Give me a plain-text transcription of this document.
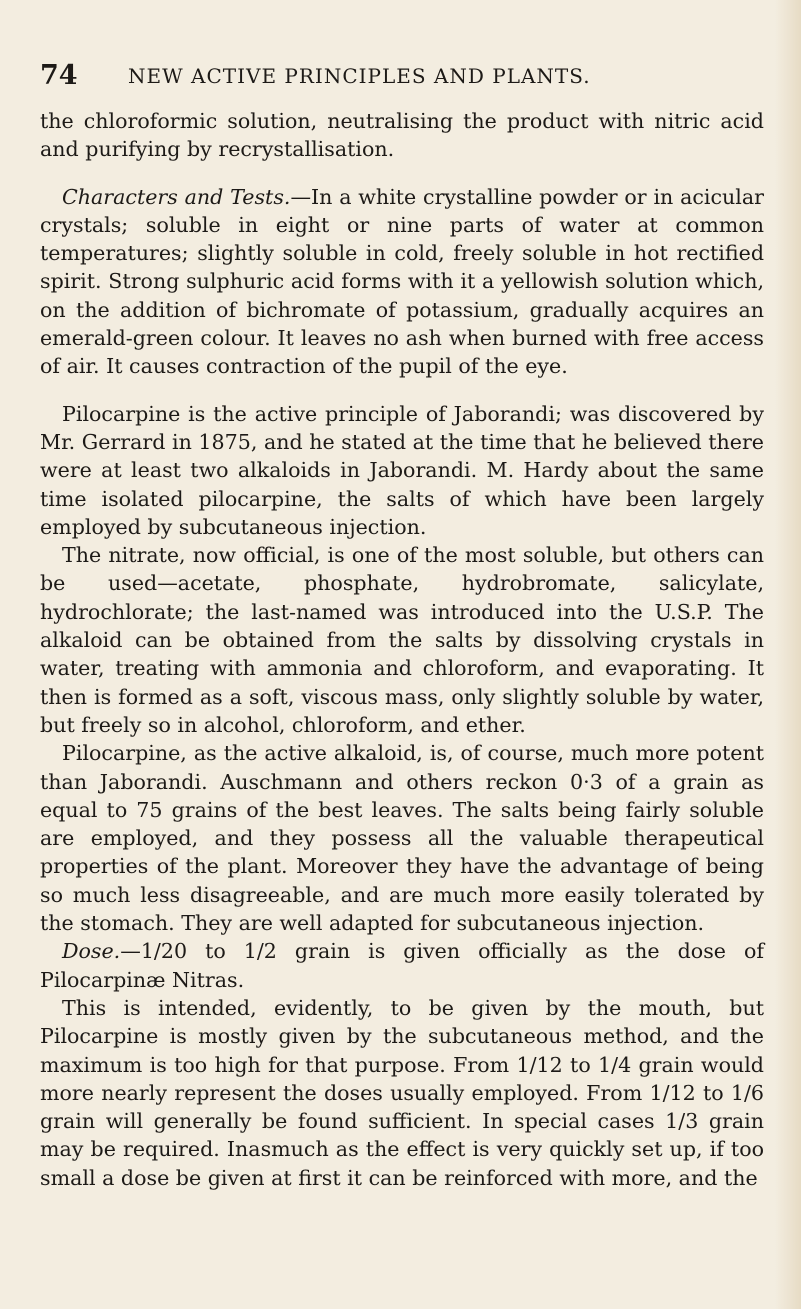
74	NEW ACTIVE PRINCIPLES AND PLANTS.

the chloroformic solution, neutralising the product with nitric acid and purifying by recrystallisation.

Characters and Tests.—In a white crystalline powder or in acicular crystals; soluble in eight or nine parts of water at common temperatures; slightly soluble in cold, freely soluble in hot rectified spirit. Strong sulphuric acid forms with it a yellowish solution which, on the addition of bichromate of potassium, gradually acquires an emerald-green colour. It leaves no ash when burned with free access of air. It causes contraction of the pupil of the eye.

Pilocarpine is the active principle of Jaborandi; was discovered by Mr. Gerrard in 1875, and he stated at the time that he believed there were at least two alkaloids in Jaborandi. M. Hardy about the same time isolated pilocarpine, the salts of which have been largely employed by subcutaneous injection.

The nitrate, now official, is one of the most soluble, but others can be used—acetate, phosphate, hydrobromate, salicylate, hydrochlorate; the last-named was introduced into the U.S.P. The alkaloid can be obtained from the salts by dissolving crystals in water, treating with ammonia and chloroform, and evaporating. It then is formed as a soft, viscous mass, only slightly soluble by water, but freely so in alcohol, chloroform, and ether.

Pilocarpine, as the active alkaloid, is, of course, much more potent than Jaborandi. Auschmann and others reckon 0·3 of a grain as equal to 75 grains of the best leaves. The salts being fairly soluble are employed, and they possess all the valuable therapeutical properties of the plant. Moreover they have the advantage of being so much less disagreeable, and are much more easily tolerated by the stomach. They are well adapted for subcutaneous injection.

Dose.—1/20 to 1/2 grain is given officially as the dose of Pilocarpinæ Nitras.

This is intended, evidently, to be given by the mouth, but Pilocarpine is mostly given by the subcutaneous method, and the maximum is too high for that purpose. From 1/12 to 1/4 grain would more nearly represent the doses usually employed. From 1/12 to 1/6 grain will generally be found sufficient. In special cases 1/3 grain may be required. Inasmuch as the effect is very quickly set up, if too small a dose be given at first it can be reinforced with more, and the
